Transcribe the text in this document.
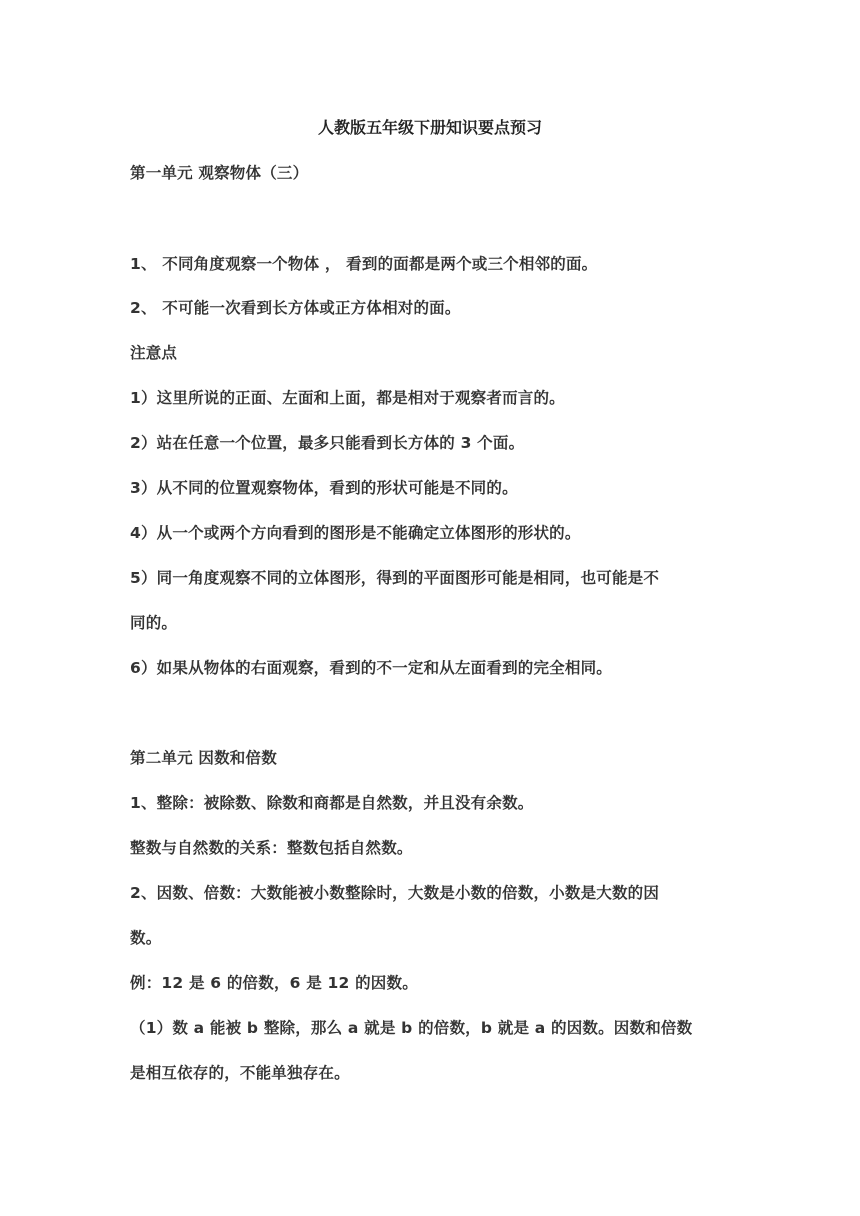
人教版五年级下册知识要点预习
第一单元 观察物体（三）
1、 不同角度观察一个物体 ， 看到的面都是两个或三个相邻的面。
2、 不可能一次看到长方体或正方体相对的面。
注意点
1）这里所说的正面、左面和上面，都是相对于观察者而言的。
2）站在任意一个位置，最多只能看到长方体的 3 个面。
3）从不同的位置观察物体，看到的形状可能是不同的。
4）从一个或两个方向看到的图形是不能确定立体图形的形状的。
5）同一角度观察不同的立体图形，得到的平面图形可能是相同，也可能是不
同的。
6）如果从物体的右面观察，看到的不一定和从左面看到的完全相同。
第二单元 因数和倍数
1、整除：被除数、除数和商都是自然数，并且没有余数。
整数与自然数的关系：整数包括自然数。
2、因数、倍数：大数能被小数整除时，大数是小数的倍数，小数是大数的因
数。
例：12 是 6 的倍数，6 是 12 的因数。
（1）数 a 能被 b 整除，那么 a 就是 b 的倍数，b 就是 a 的因数。因数和倍数
是相互依存的，不能单独存在。
